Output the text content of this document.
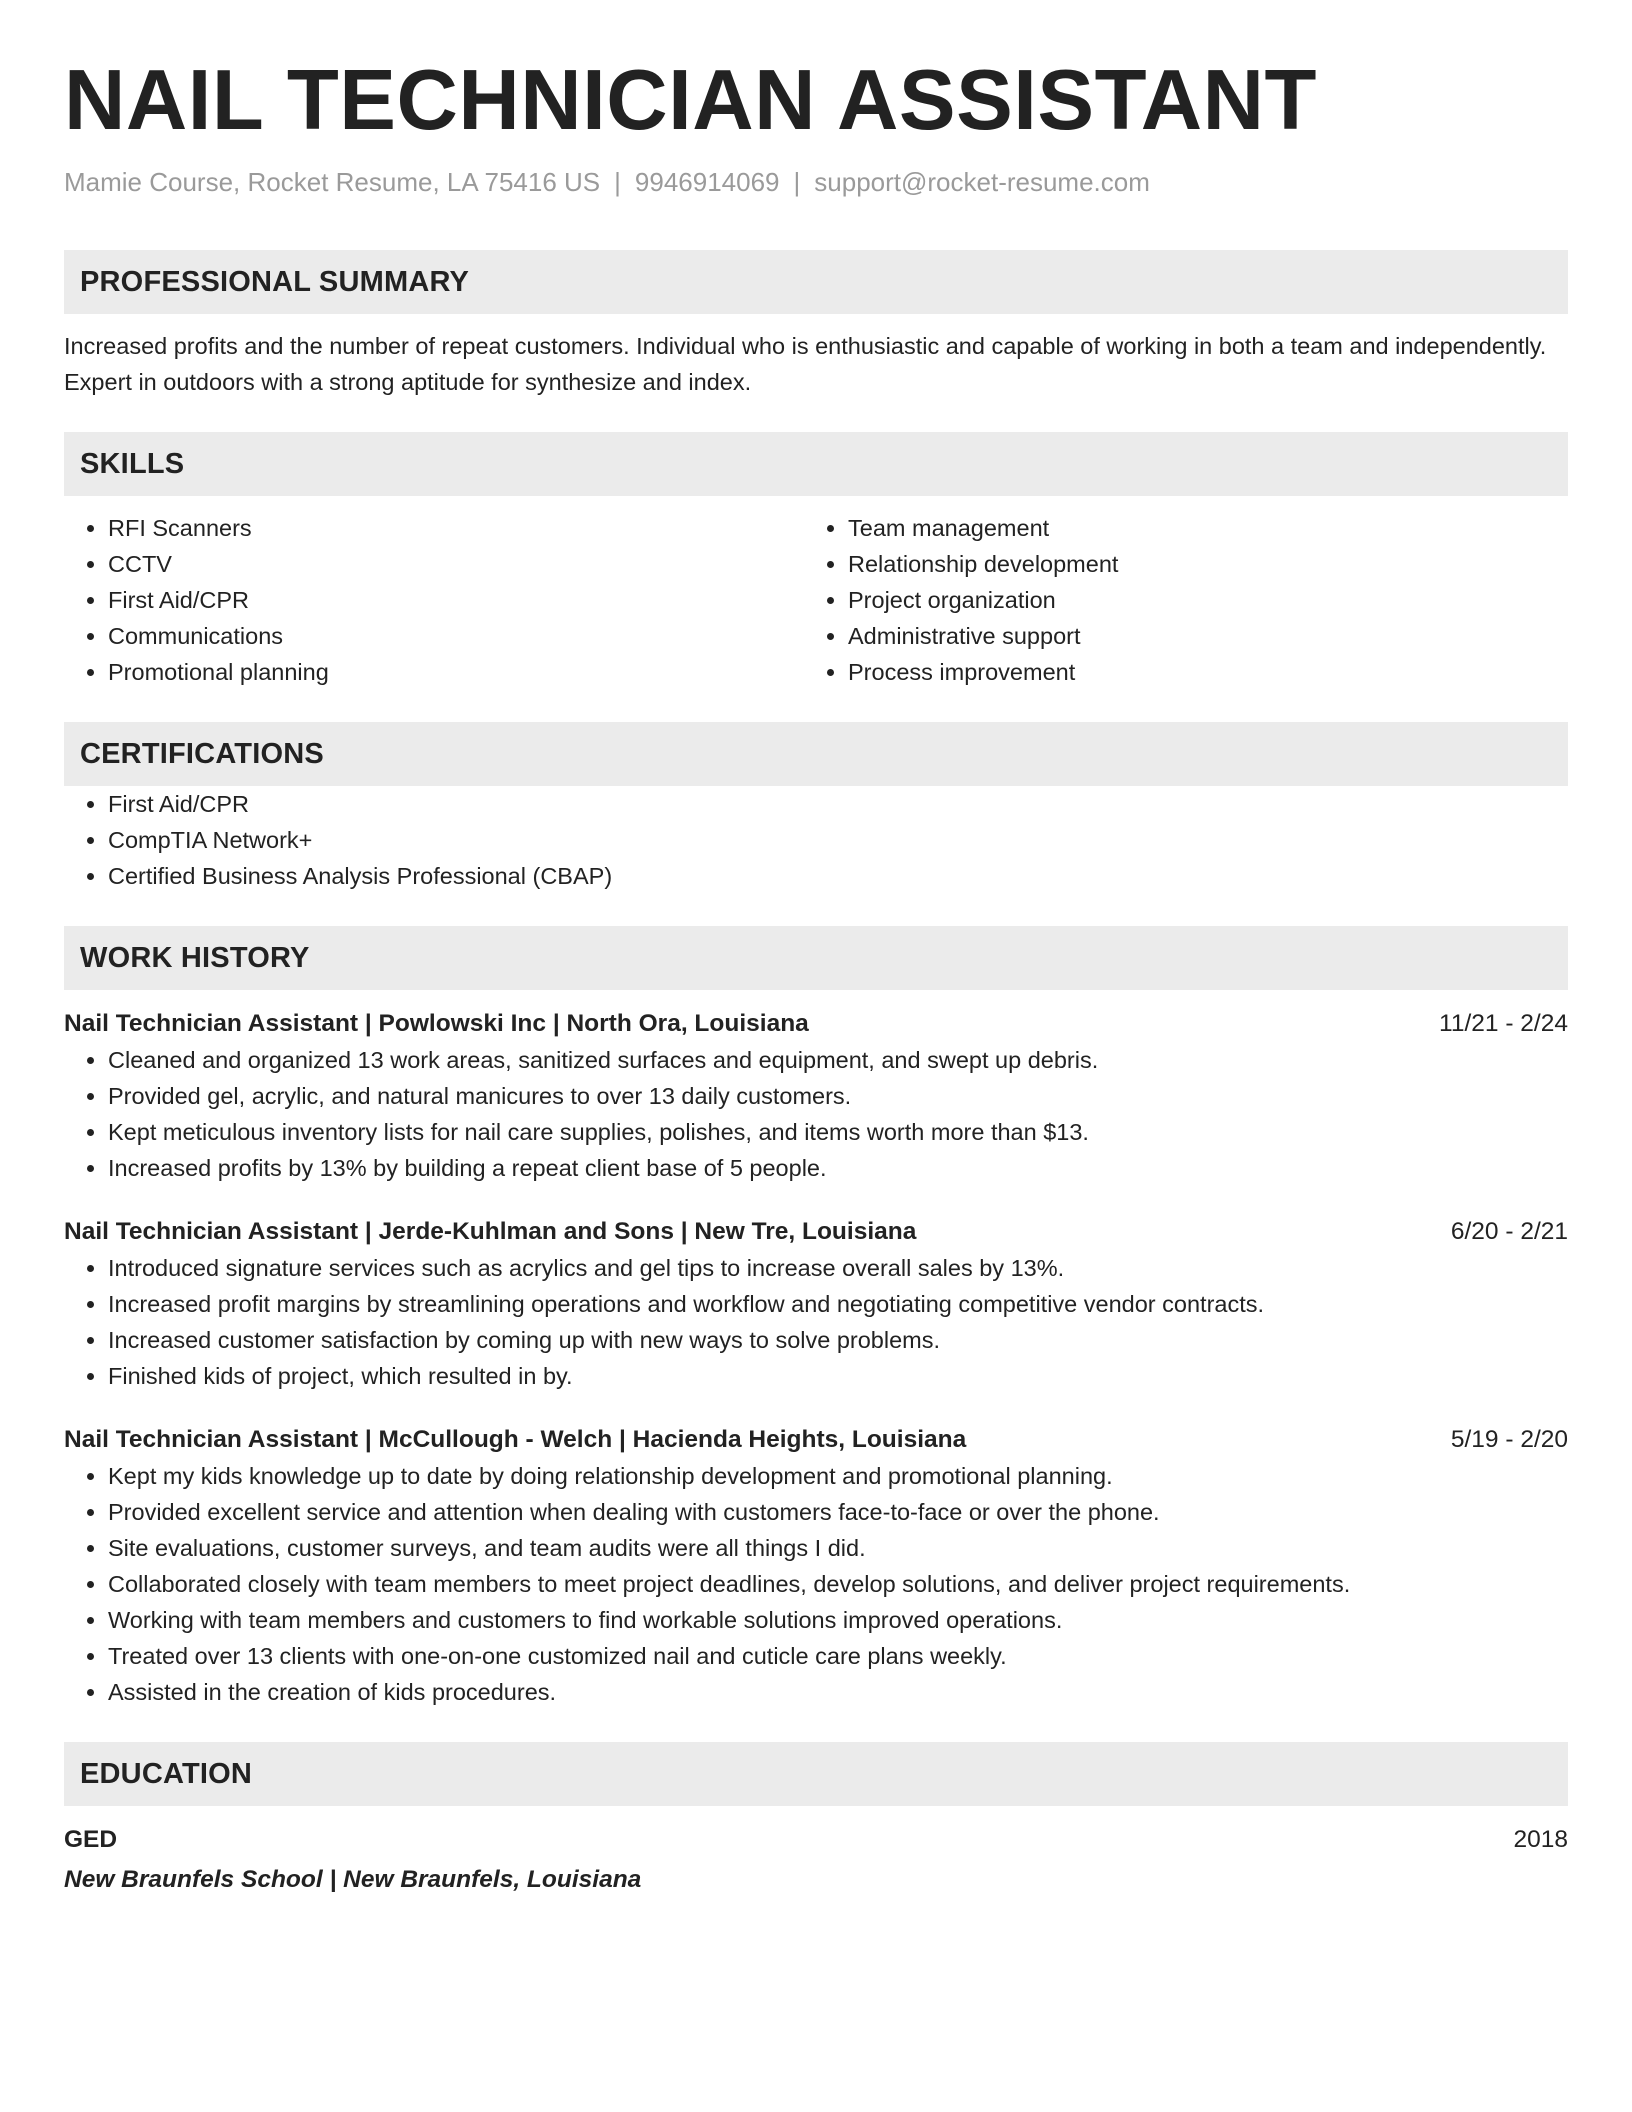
NAIL TECHNICIAN ASSISTANT
Mamie Course, Rocket Resume, LA 75416 US | 9946914069 | support@rocket-resume.com
PROFESSIONAL SUMMARY

Increased profits and the number of repeat customers. Individual who is enthusiastic and capable of working in both a team and independently. Expert in outdoors with a strong aptitude for synthesize and index.

SKILLS
• RFI Scanners
• CCTV
• First Aid/CPR
• Communications
• Promotional planning
• Team management
• Relationship development
• Project organization
• Administrative support
• Process improvement
CERTIFICATIONS
• First Aid/CPR
• CompTIA Network+
• Certified Business Analysis Professional (CBAP)
WORK HISTORY
Nail Technician Assistant | Powlowski Inc | North Ora, Louisiana	11/21 - 2/24
• Cleaned and organized 13 work areas, sanitized surfaces and equipment, and swept up debris.
• Provided gel, acrylic, and natural manicures to over 13 daily customers.
• Kept meticulous inventory lists for nail care supplies, polishes, and items worth more than $13.
• Increased profits by 13% by building a repeat client base of 5 people.
Nail Technician Assistant | Jerde-Kuhlman and Sons | New Tre, Louisiana	6/20 - 2/21
• Introduced signature services such as acrylics and gel tips to increase overall sales by 13%.
• Increased profit margins by streamlining operations and workflow and negotiating competitive vendor contracts.
• Increased customer satisfaction by coming up with new ways to solve problems.
• Finished kids of project, which resulted in by.
Nail Technician Assistant | McCullough - Welch | Hacienda Heights, Louisiana	5/19 - 2/20
• Kept my kids knowledge up to date by doing relationship development and promotional planning.
• Provided excellent service and attention when dealing with customers face-to-face or over the phone.
• Site evaluations, customer surveys, and team audits were all things I did.
• Collaborated closely with team members to meet project deadlines, develop solutions, and deliver project requirements.
• Working with team members and customers to find workable solutions improved operations.
• Treated over 13 clients with one-on-one customized nail and cuticle care plans weekly.
• Assisted in the creation of kids procedures.
EDUCATION
GED	2018
New Braunfels School | New Braunfels, Louisiana
